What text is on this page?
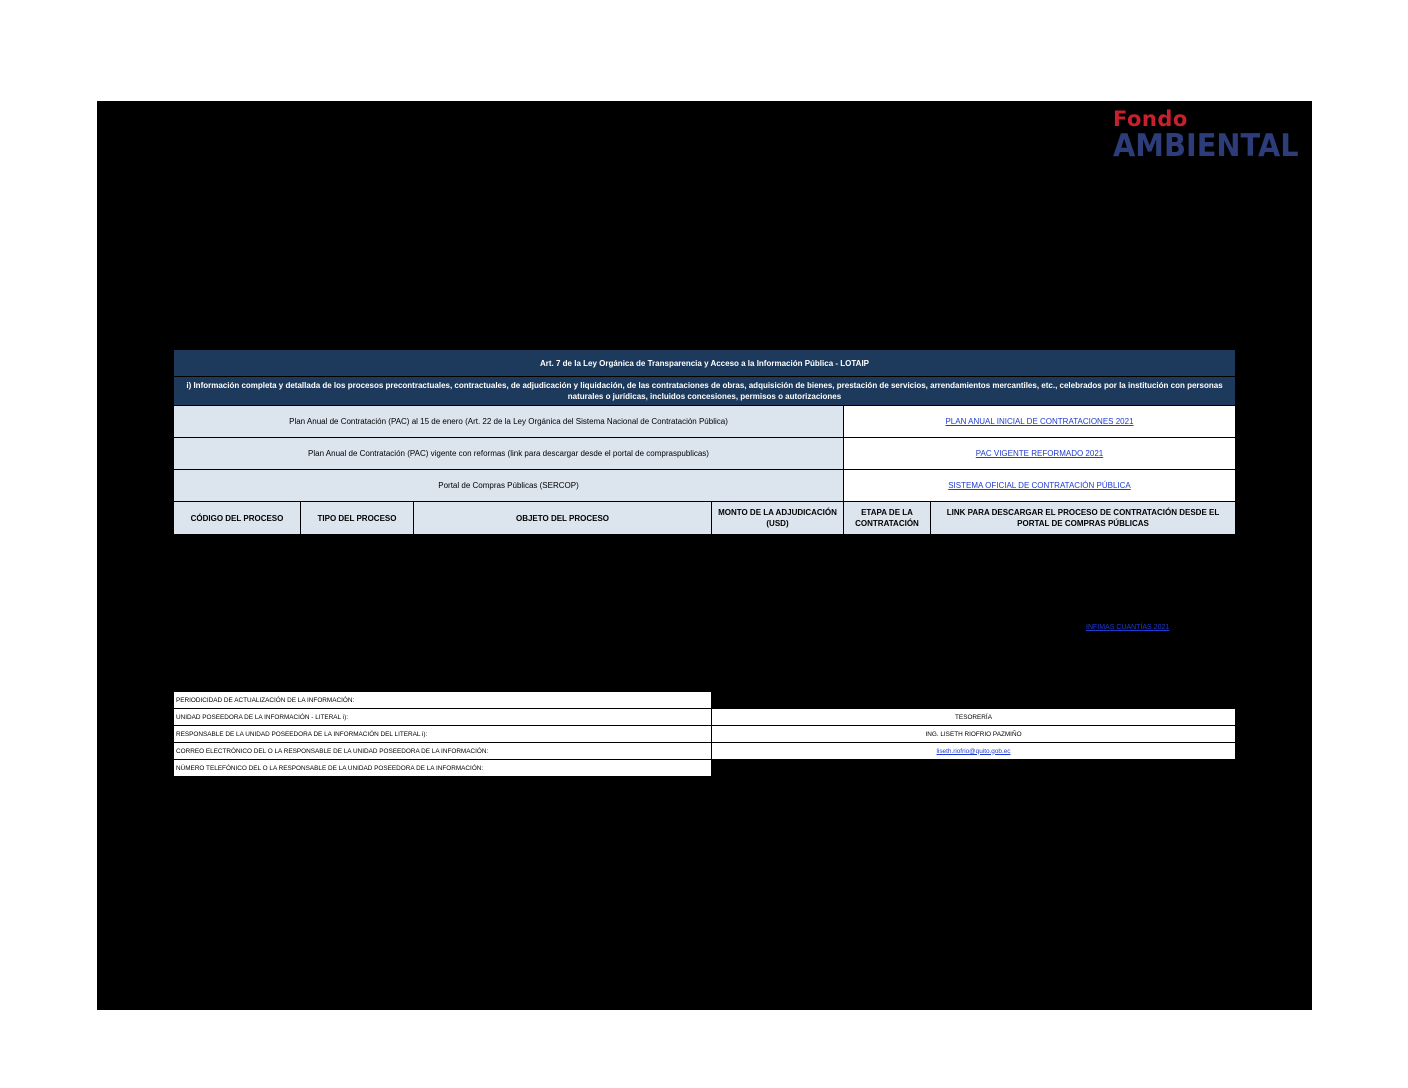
Fondo
AMBIENTAL
Art. 7 de la Ley Orgánica de Transparencia y Acceso a la Información Pública - LOTAIP					
i) Información completa y detallada de los procesos precontractuales, contractuales, de adjudicación y liquidación, de las contrataciones de obras, adquisición de bienes, prestación de servicios, arrendamientos mercantiles, etc., celebrados por la institución con personas naturales o jurídicas, incluidos concesiones, permisos o autorizaciones					
Plan Anual de Contratación (PAC) al 15 de enero (Art. 22 de la Ley Orgánica del Sistema Nacional de Contratación Pública)				PLAN ANUAL INICIAL DE CONTRATACIONES 2021	
Plan Anual de Contratación (PAC) vigente con reformas (link para descargar desde el portal de compraspublicas)				PAC VIGENTE REFORMADO 2021	
Portal de Compras Públicas (SERCOP)				SISTEMA OFICIAL DE CONTRATACIÓN PÚBLICA	
CÓDIGO DEL PROCESO	TIPO DEL PROCESO	OBJETO DEL PROCESO	MONTO DE LA ADJUDICACIÓN (USD)	ETAPA DE LA CONTRATACIÓN	LINK PARA DESCARGAR EL PROCESO DE CONTRATACIÓN DESDE EL PORTAL DE COMPRAS PÚBLICAS
INFIMAS CUANTÍAS 2021
PERIODICIDAD DE ACTUALIZACIÓN DE LA INFORMACIÓN:	
UNIDAD POSEEDORA DE LA INFORMACIÓN - LITERAL i):	TESORERÍA
RESPONSABLE DE LA UNIDAD POSEEDORA DE LA INFORMACIÓN DEL LITERAL i):	ING. LISETH RIOFRIO PAZMIÑO
CORREO ELECTRÓNICO DEL O LA RESPONSABLE DE LA UNIDAD POSEEDORA DE LA INFORMACIÓN:	liseth.riofrio@quito.gob.ec
NÚMERO TELEFÓNICO DEL O LA RESPONSABLE DE LA UNIDAD POSEEDORA DE LA INFORMACIÓN:	
